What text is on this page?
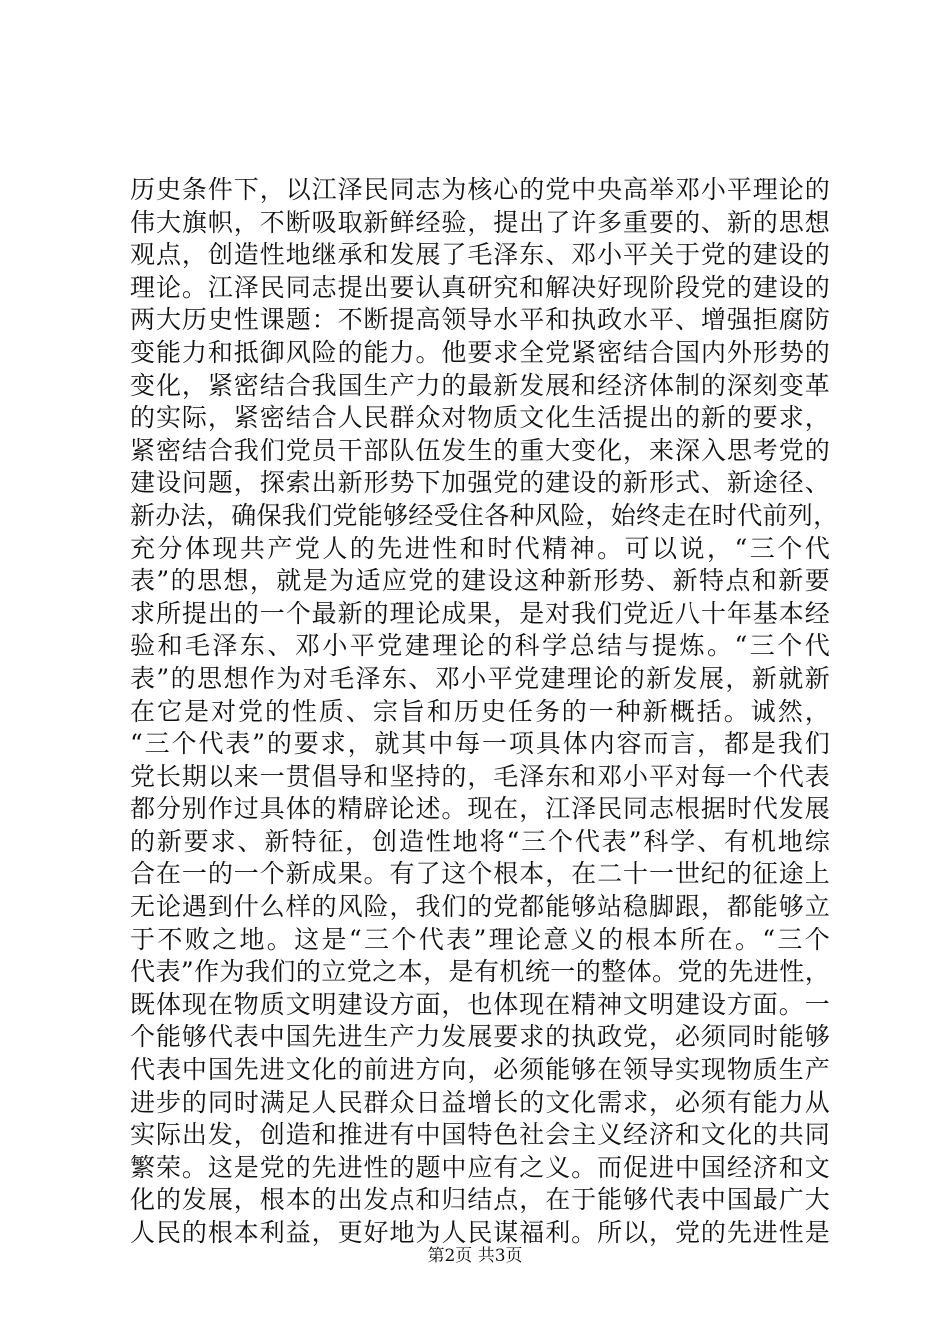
历史条件下，以江泽民同志为核心的党中央高举邓小平理论的
伟大旗帜，不断吸取新鲜经验，提出了许多重要的、新的思想
观点，创造性地继承和发展了毛泽东、邓小平关于党的建设的
理论。江泽民同志提出要认真研究和解决好现阶段党的建设的
两大历史性课题：不断提高领导水平和执政水平、增强拒腐防
变能力和抵御风险的能力。他要求全党紧密结合国内外形势的
变化，紧密结合我国生产力的最新发展和经济体制的深刻变革
的实际，紧密结合人民群众对物质文化生活提出的新的要求，
紧密结合我们党员干部队伍发生的重大变化，来深入思考党的
建设问题，探索出新形势下加强党的建设的新形式、新途径、
新办法，确保我们党能够经受住各种风险，始终走在时代前列，
充分体现共产党人的先进性和时代精神。可以说，“三个代
表”的思想，就是为适应党的建设这种新形势、新特点和新要
求所提出的一个最新的理论成果，是对我们党近八十年基本经
验和毛泽东、邓小平党建理论的科学总结与提炼。“三个代
表”的思想作为对毛泽东、邓小平党建理论的新发展，新就新
在它是对党的性质、宗旨和历史任务的一种新概括。诚然，
“三个代表”的要求，就其中每一项具体内容而言，都是我们
党长期以来一贯倡导和坚持的，毛泽东和邓小平对每一个代表
都分别作过具体的精辟论述。现在，江泽民同志根据时代发展
的新要求、新特征，创造性地将“三个代表”科学、有机地综
合在一的一个新成果。有了这个根本，在二十一世纪的征途上
无论遇到什么样的风险，我们的党都能够站稳脚跟，都能够立
于不败之地。这是“三个代表”理论意义的根本所在。“三个
代表”作为我们的立党之本，是有机统一的整体。党的先进性，
既体现在物质文明建设方面，也体现在精神文明建设方面。一
个能够代表中国先进生产力发展要求的执政党，必须同时能够
代表中国先进文化的前进方向，必须能够在领导实现物质生产
进步的同时满足人民群众日益增长的文化需求，必须有能力从
实际出发，创造和推进有中国特色社会主义经济和文化的共同
繁荣。这是党的先进性的题中应有之义。而促进中国经济和文
化的发展，根本的出发点和归结点，在于能够代表中国最广大
人民的根本利益，更好地为人民谋福利。所以，党的先进性是
第2页 共3页
